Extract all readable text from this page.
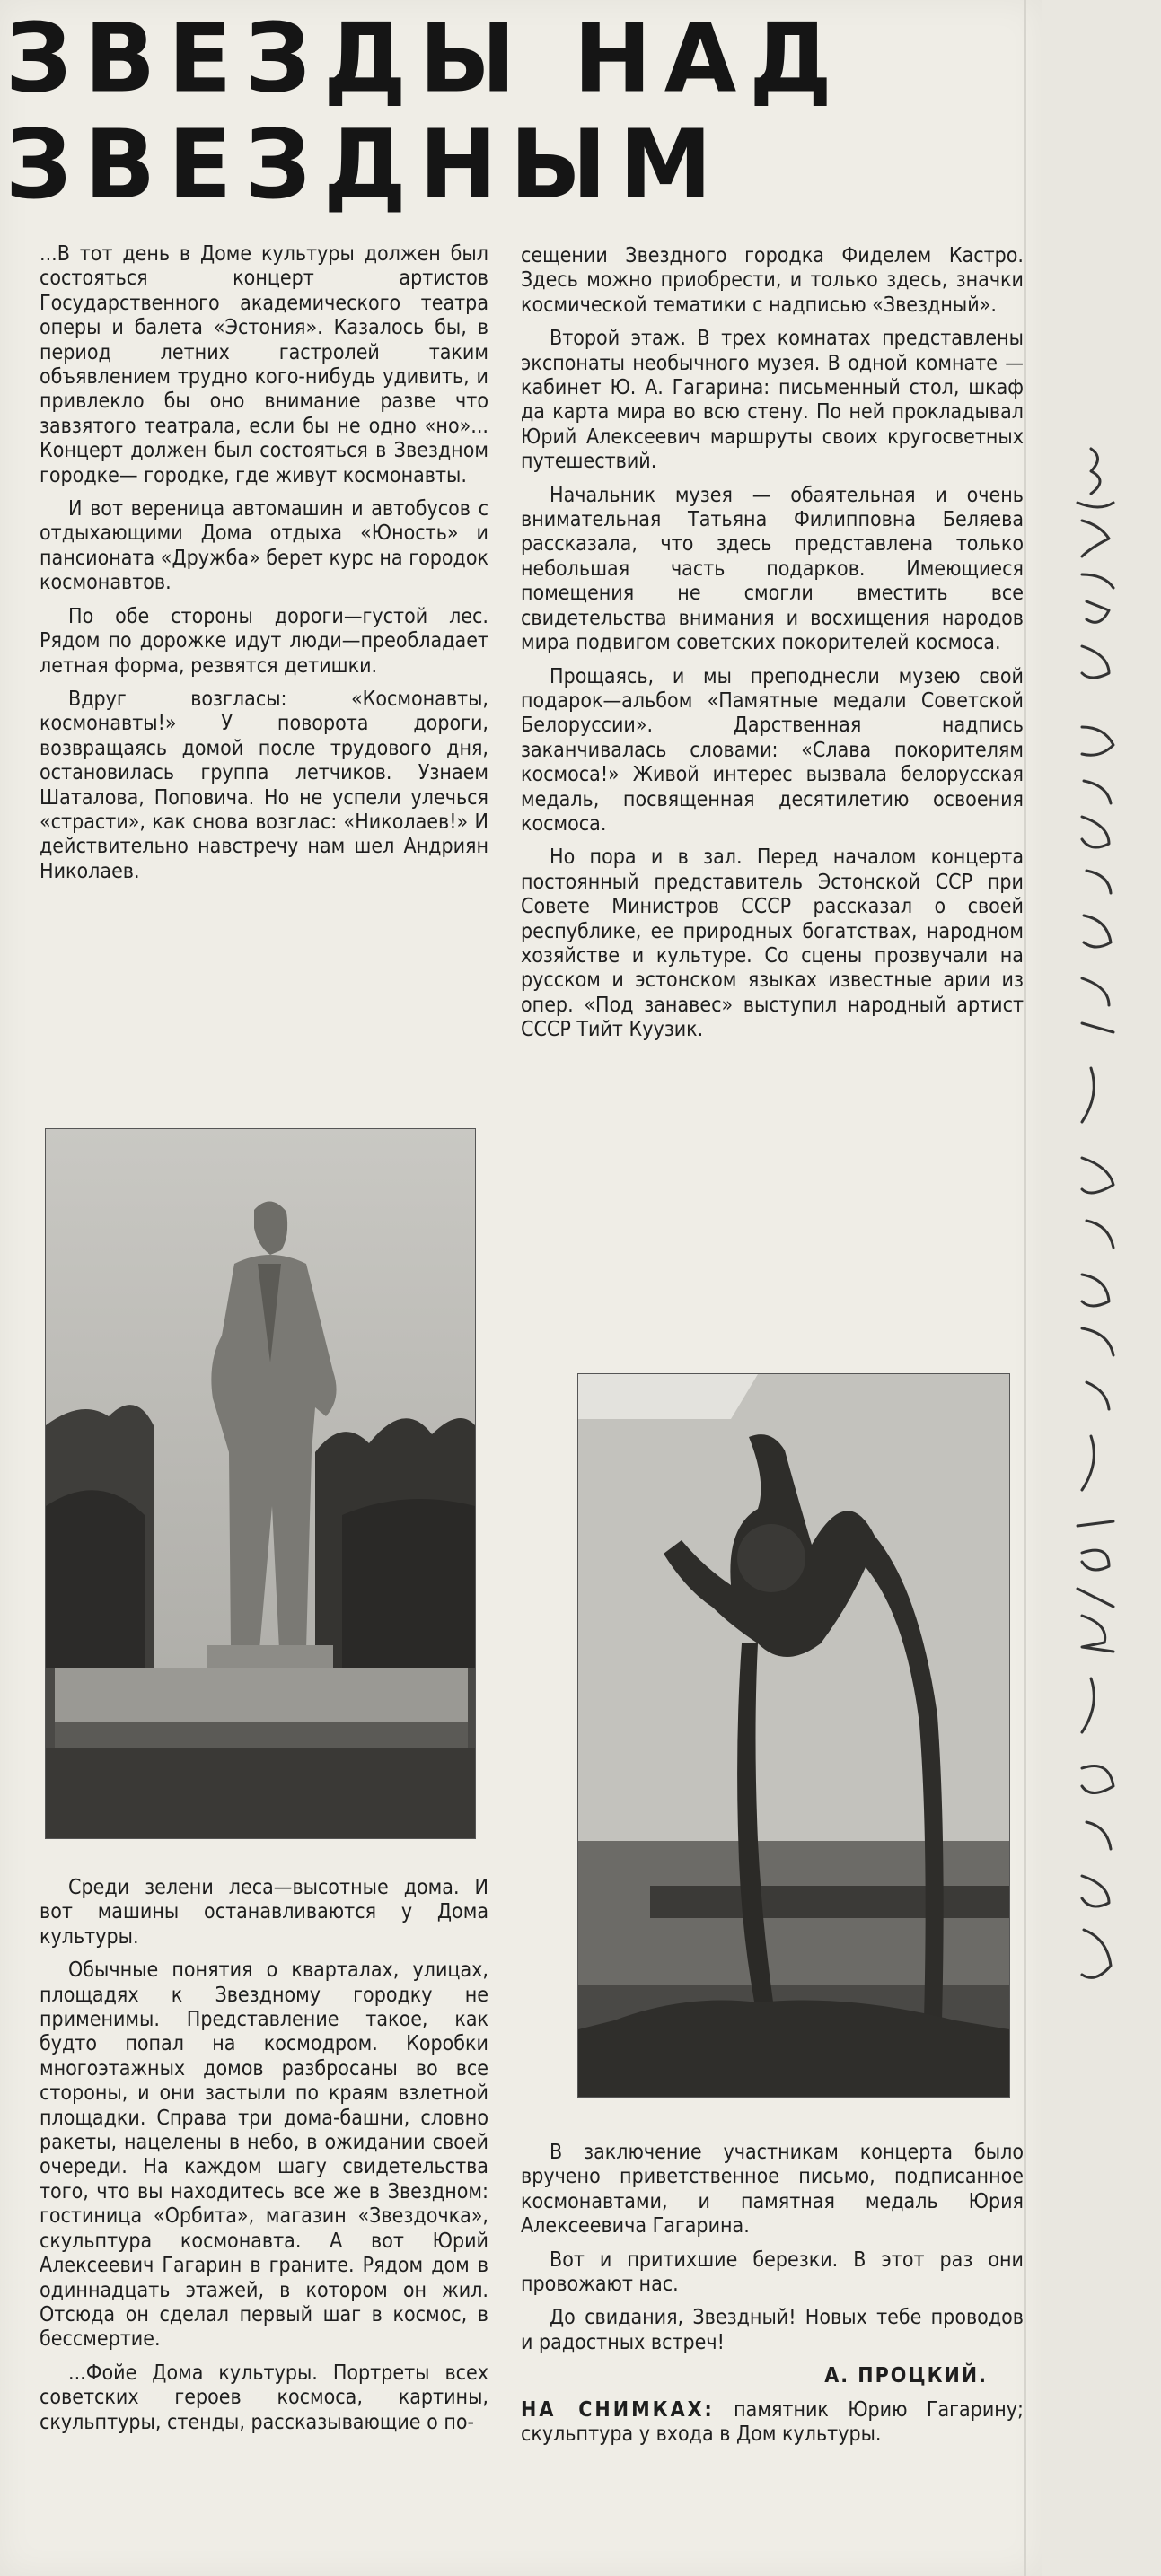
ЗВЕЗДЫ НАД
ЗВЕЗДНЫМ

...В тот день в Доме культуры должен был состояться концерт артистов Государственного академического театра оперы и балета «Эстония». Казалось бы, в период летних гастролей таким объявлением трудно кого-нибудь удивить, и привлекло бы оно внимание разве что завзятого театрала, если бы не одно «но»... Концерт должен был состояться в Звездном городке— городке, где живут космонавты.

И вот вереница автомашин и автобусов с отдыхающими Дома отдыха «Юность» и пансионата «Дружба» берет курс на городок космонавтов.

По обе стороны дороги—густой лес. Рядом по дорожке идут люди—преобладает летная форма, резвятся детишки.

Вдруг возгласы: «Космонавты, космонавты!» У поворота дороги, возвращаясь домой после трудового дня, остановилась группа летчиков. Узнаем Шаталова, Поповича. Но не успели улечься «страсти», как снова возглас: «Николаев!» И действительно навстречу нам шел Андриян Николаев.

Среди зелени леса—высотные дома. И вот машины останавливаются у Дома культуры.

Обычные понятия о кварталах, улицах, площадях к Звездному городку не применимы. Представление такое, как будто попал на космодром. Коробки многоэтажных домов разбросаны во все стороны, и они застыли по краям взлетной площадки. Справа три дома-башни, словно ракеты, нацелены в небо, в ожидании своей очереди. На каждом шагу свидетельства того, что вы находитесь все же в Звездном: гостиница «Орбита», магазин «Звездочка», скульптура космонавта. А вот Юрий Алексеевич Гагарин в граните. Рядом дом в одиннадцать этажей, в котором он жил. Отсюда он сделал первый шаг в космос, в бессмертие.

...Фойе Дома культуры. Портреты всех советских героев космоса, картины, скульптуры, стенды, рассказывающие о по-

сещении Звездного городка Фиделем Кастро. Здесь можно приобрести, и только здесь, значки космической тематики с надписью «Звездный».

Второй этаж. В трех комнатах представлены экспонаты необычного музея. В одной комнате — кабинет Ю. А. Гагарина: письменный стол, шкаф да карта мира во всю стену. По ней прокладывал Юрий Алексеевич маршруты своих кругосветных путешествий.

Начальник музея — обаятельная и очень внимательная Татьяна Филипповна Беляева рассказала, что здесь представлена только небольшая часть подарков. Имеющиеся помещения не смогли вместить все свидетельства внимания и восхищения народов мира подвигом советских покорителей космоса.

Прощаясь, и мы преподнесли музею свой подарок—альбом «Памятные медали Советской Белоруссии». Дарственная надпись заканчивалась словами: «Слава покорителям космоса!» Живой интерес вызвала белорусская медаль, посвященная десятилетию освоения космоса.

Но пора и в зал. Перед началом концерта постоянный представитель Эстонской ССР при Совете Министров СССР рассказал о своей республике, ее природных богатствах, народном хозяйстве и культуре. Со сцены прозвучали на русском и эстонском языках известные арии из опер. «Под занавес» выступил народный артист СССР Тийт Куузик.

В заключение участникам концерта было вручено приветственное письмо, подписанное космонавтами, и памятная медаль Юрия Алексеевича Гагарина.

Вот и притихшие березки. В этот раз они провожают нас.

До свидания, Звездный! Новых тебе проводов и радостных встреч!

А. ПРОЦКИЙ.

НА СНИМКАХ: памятник Юрию Гагарину; скульптура у входа в Дом культуры.
